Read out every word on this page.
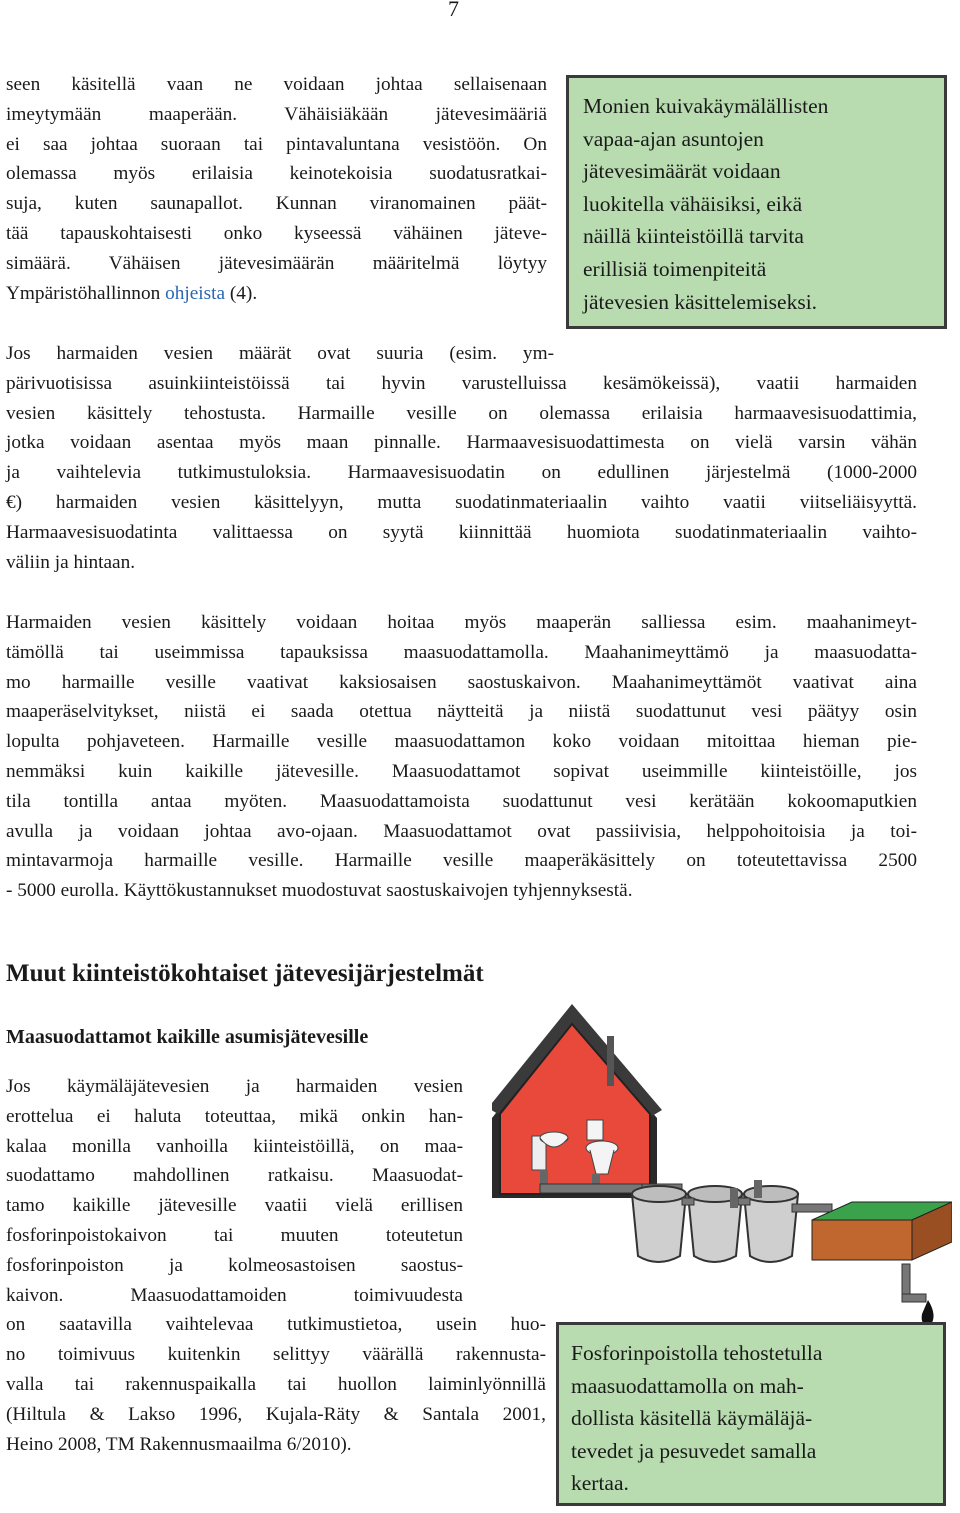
7
seen käsitellä vaan ne voidaan johtaa sellaisenaan
imeytymään maaperään. Vähäisiäkään jätevesimääriä
ei saa johtaa suoraan tai pintavaluntana vesistöön. On
olemassa myös erilaisia keinotekoisia suodatusratkai-
suja, kuten saunapallot. Kunnan viranomainen päät-
tää tapauskohtaisesti onko kyseessä vähäinen jäteve-
simäärä. Vähäisen jätevesimäärän määritelmä löytyy
Ympäristöhallinnon ohjeista (4).
Monien kuivakäymälällisten
vapaa-ajan asuntojen
jätevesimäärät voidaan
luokitella vähäisiksi, eikä
näillä kiinteistöillä tarvita
erillisiä toimenpiteitä
jätevesien käsittelemiseksi.
Jos harmaiden vesien määrät ovat suuria (esim. ym-
pärivuotisissa asuinkiinteistöissä tai hyvin varustelluissa kesämökeissä), vaatii harmaiden
vesien käsittely tehostusta. Harmaille vesille on olemassa erilaisia harmaavesisuodattimia,
jotka voidaan asentaa myös maan pinnalle. Harmaavesisuodattimesta on vielä varsin vähän
ja vaihtelevia tutkimustuloksia. Harmaavesisuodatin on edullinen järjestelmä (1000-2000
€) harmaiden vesien käsittelyyn, mutta suodatinmateriaalin vaihto vaatii viitseliäisyyttä.
Harmaavesisuodatinta valittaessa on syytä kiinnittää huomiota suodatinmateriaalin vaihto-
väliin ja hintaan.
Harmaiden vesien käsittely voidaan hoitaa myös maaperän salliessa esim. maahanimeyt-
tämöllä tai useimmissa tapauksissa maasuodattamolla. Maahanimeyttämö ja maasuodatta-
mo harmaille vesille vaativat kaksiosaisen saostuskaivon. Maahanimeyttämöt vaativat aina
maaperäselvitykset, niistä ei saada otettua näytteitä ja niistä suodattunut vesi päätyy osin
lopulta pohjaveteen. Harmaille vesille maasuodattamon koko voidaan mitoittaa hieman pie-
nemmäksi kuin kaikille jätevesille. Maasuodattamot sopivat useimmille kiinteistöille, jos
tila tontilla antaa myöten. Maasuodattamoista suodattunut vesi kerätään kokoomaputkien
avulla ja voidaan johtaa avo-ojaan. Maasuodattamot ovat passiivisia, helppohoitoisia ja toi-
mintavarmoja harmaille vesille. Harmaille vesille maaperäkäsittely on toteutettavissa 2500
- 5000 eurolla. Käyttökustannukset muodostuvat saostuskaivojen tyhjennyksestä.
Muut kiinteistökohtaiset jätevesijärjestelmät
Maasuodattamot kaikille asumisjätevesille
Jos käymäläjätevesien ja harmaiden vesien
erottelua ei haluta toteuttaa, mikä onkin han-
kalaa monilla vanhoilla kiinteistöillä, on maa-
suodattamo mahdollinen ratkaisu. Maasuodat-
tamo kaikille jätevesille vaatii vielä erillisen
fosforinpoistokaivon tai muuten toteutetun
fosforinpoiston ja kolmeosastoisen saostus-
kaivon. Maasuodattamoiden toimivuudesta
on saatavilla vaihtelevaa tutkimustietoa, usein huo-
no toimivuus kuitenkin selittyy väärällä rakennusta-
valla tai rakennuspaikalla tai huollon laiminlyönnillä
(Hiltula & Lakso 1996, Kujala-Räty & Santala 2001,
Heino 2008, TM Rakennusmaailma 6/2010).
Fosforinpoistolla tehostetulla
maasuodattamolla on mah-
dollista käsitellä käymäläjä-
tevedet ja pesuvedet samalla
kertaa.
